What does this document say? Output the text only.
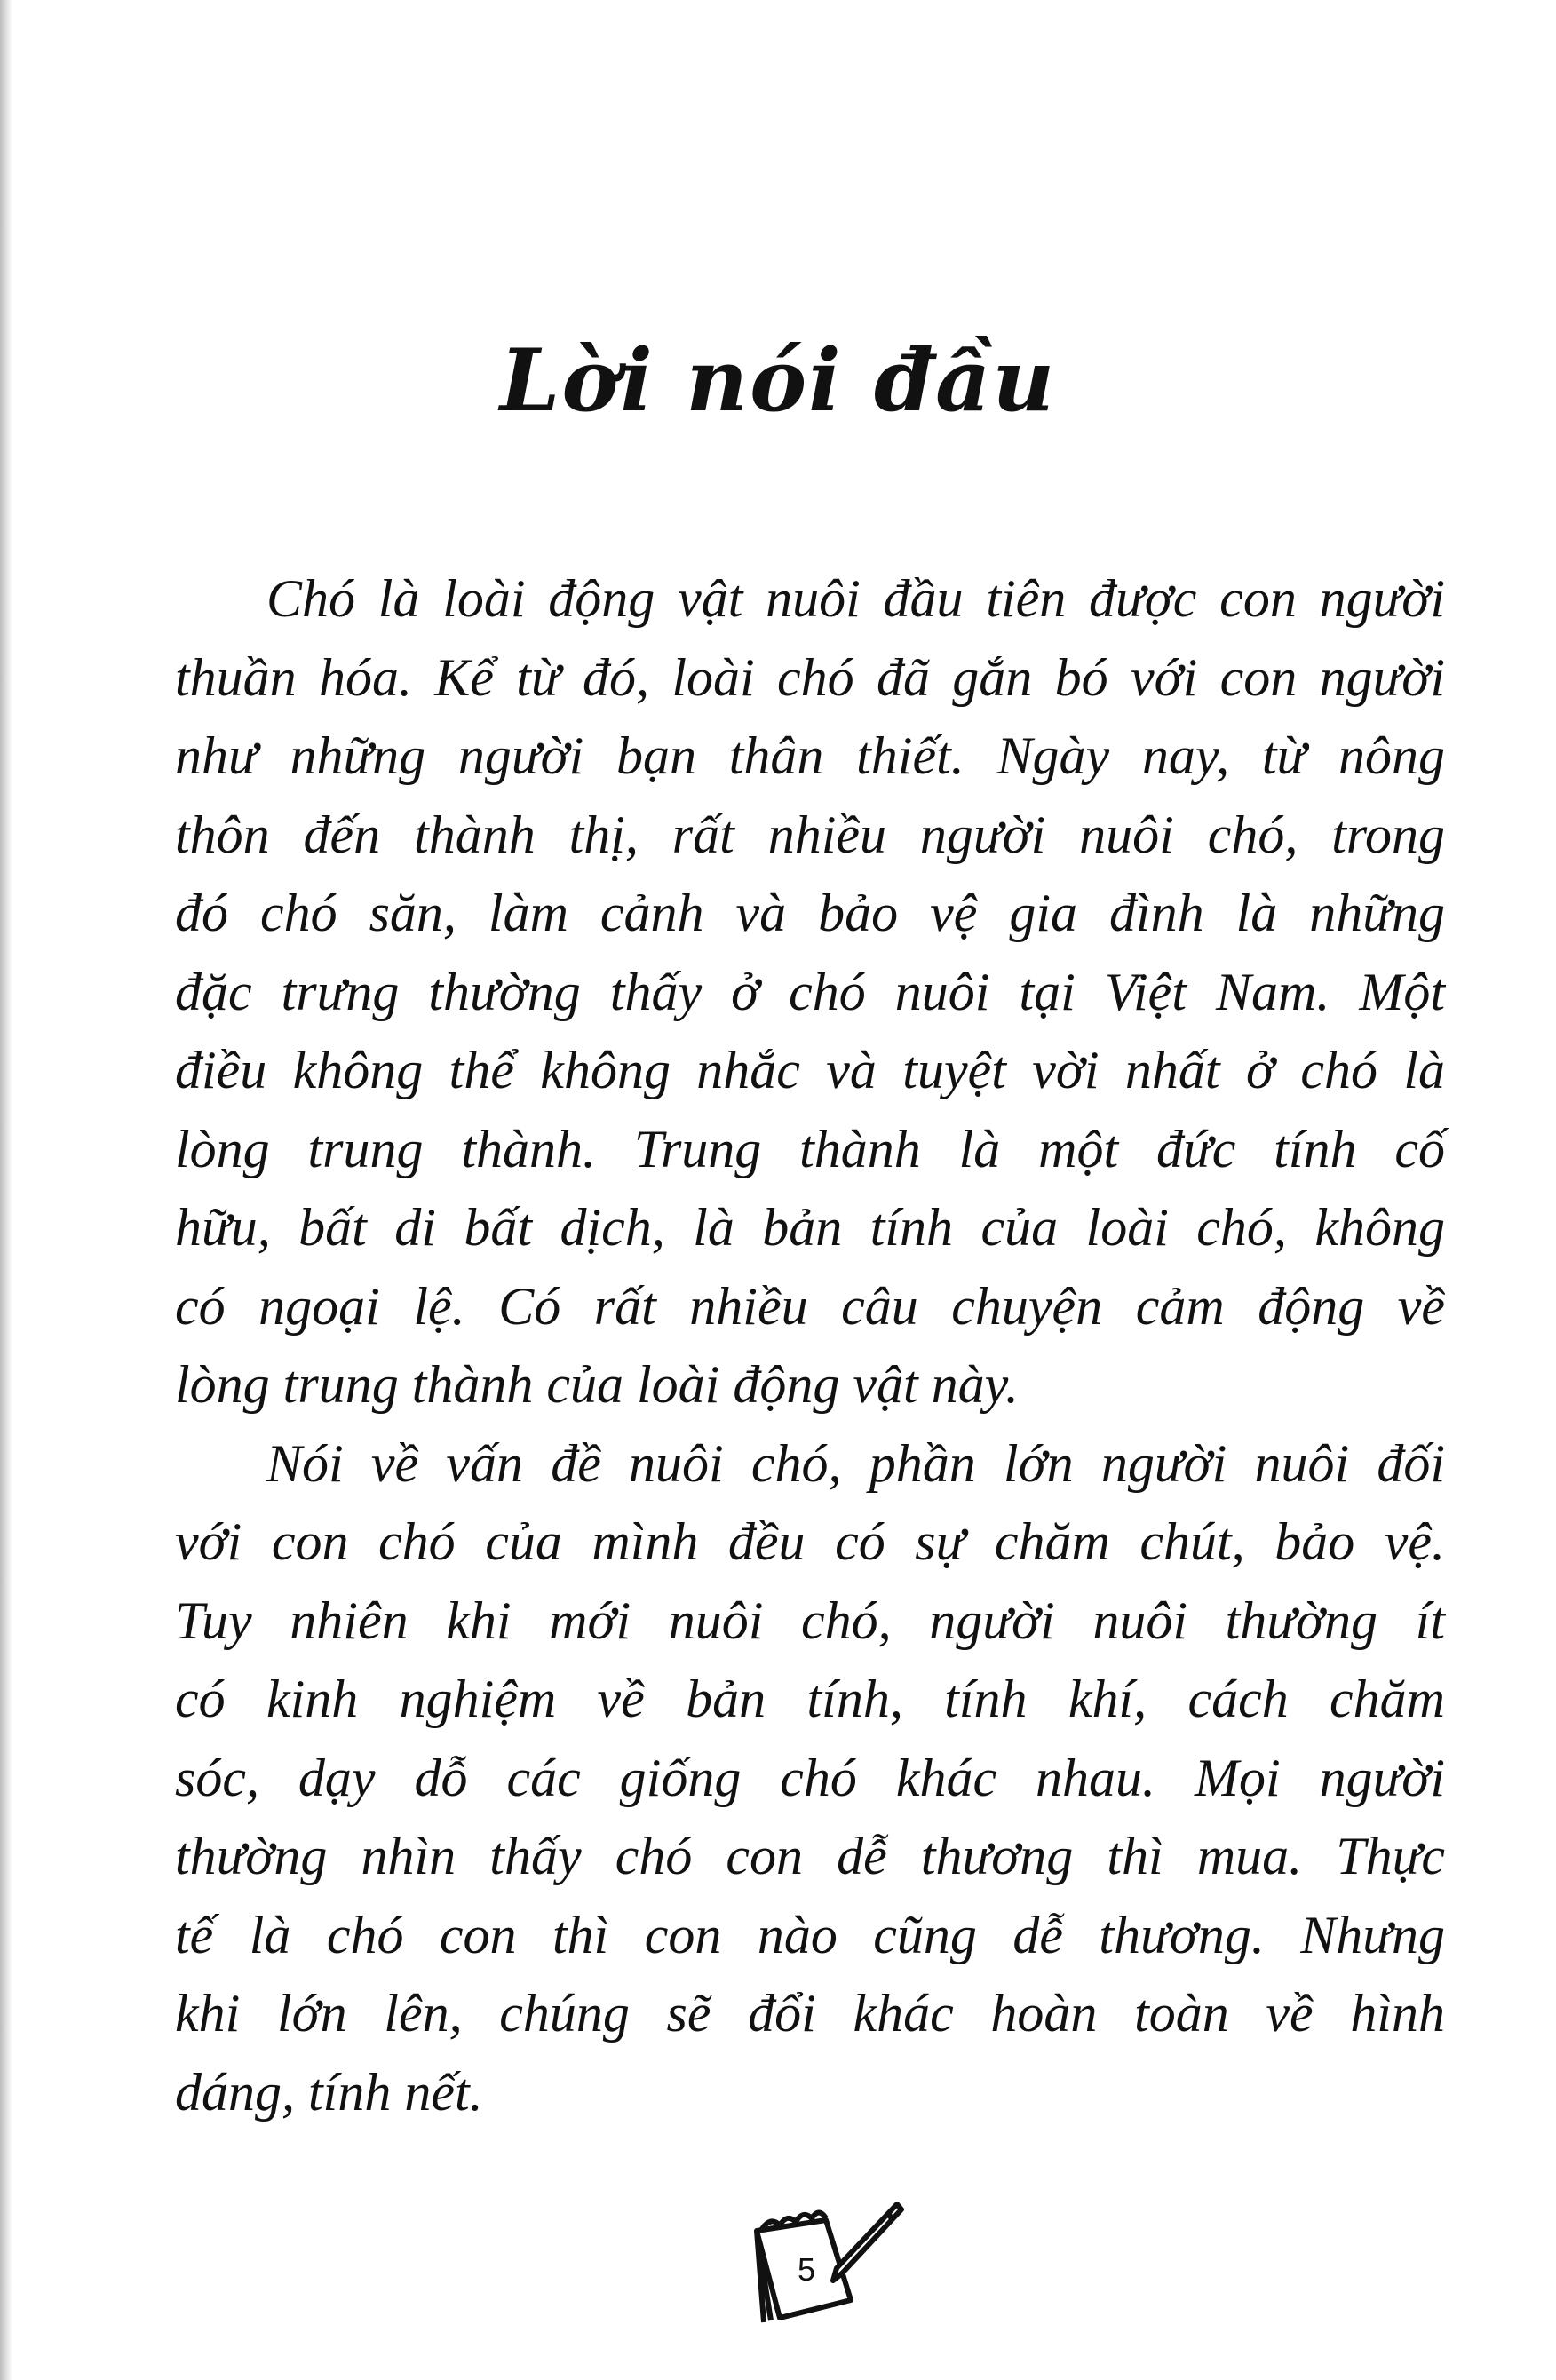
Lời nói đầu
Chó là loài động vật nuôi đầu tiên được con người
thuần hóa. Kể từ đó, loài chó đã gắn bó với con người
như những người bạn thân thiết. Ngày nay, từ nông
thôn đến thành thị, rất nhiều người nuôi chó, trong
đó chó săn, làm cảnh và bảo vệ gia đình là những
đặc trưng thường thấy ở chó nuôi tại Việt Nam. Một
điều không thể không nhắc và tuyệt vời nhất ở chó là
lòng trung thành. Trung thành là một đức tính cố
hữu, bất di bất dịch, là bản tính của loài chó, không
có ngoại lệ. Có rất nhiều câu chuyện cảm động về
lòng trung thành của loài động vật này.
Nói về vấn đề nuôi chó, phần lớn người nuôi đối
với con chó của mình đều có sự chăm chút, bảo vệ.
Tuy nhiên khi mới nuôi chó, người nuôi thường ít
có kinh nghiệm về bản tính, tính khí, cách chăm
sóc, dạy dỗ các giống chó khác nhau. Mọi người
thường nhìn thấy chó con dễ thương thì mua. Thực
tế là chó con thì con nào cũng dễ thương. Nhưng
khi lớn lên, chúng sẽ đổi khác hoàn toàn về hình
dáng, tính nết.
5
